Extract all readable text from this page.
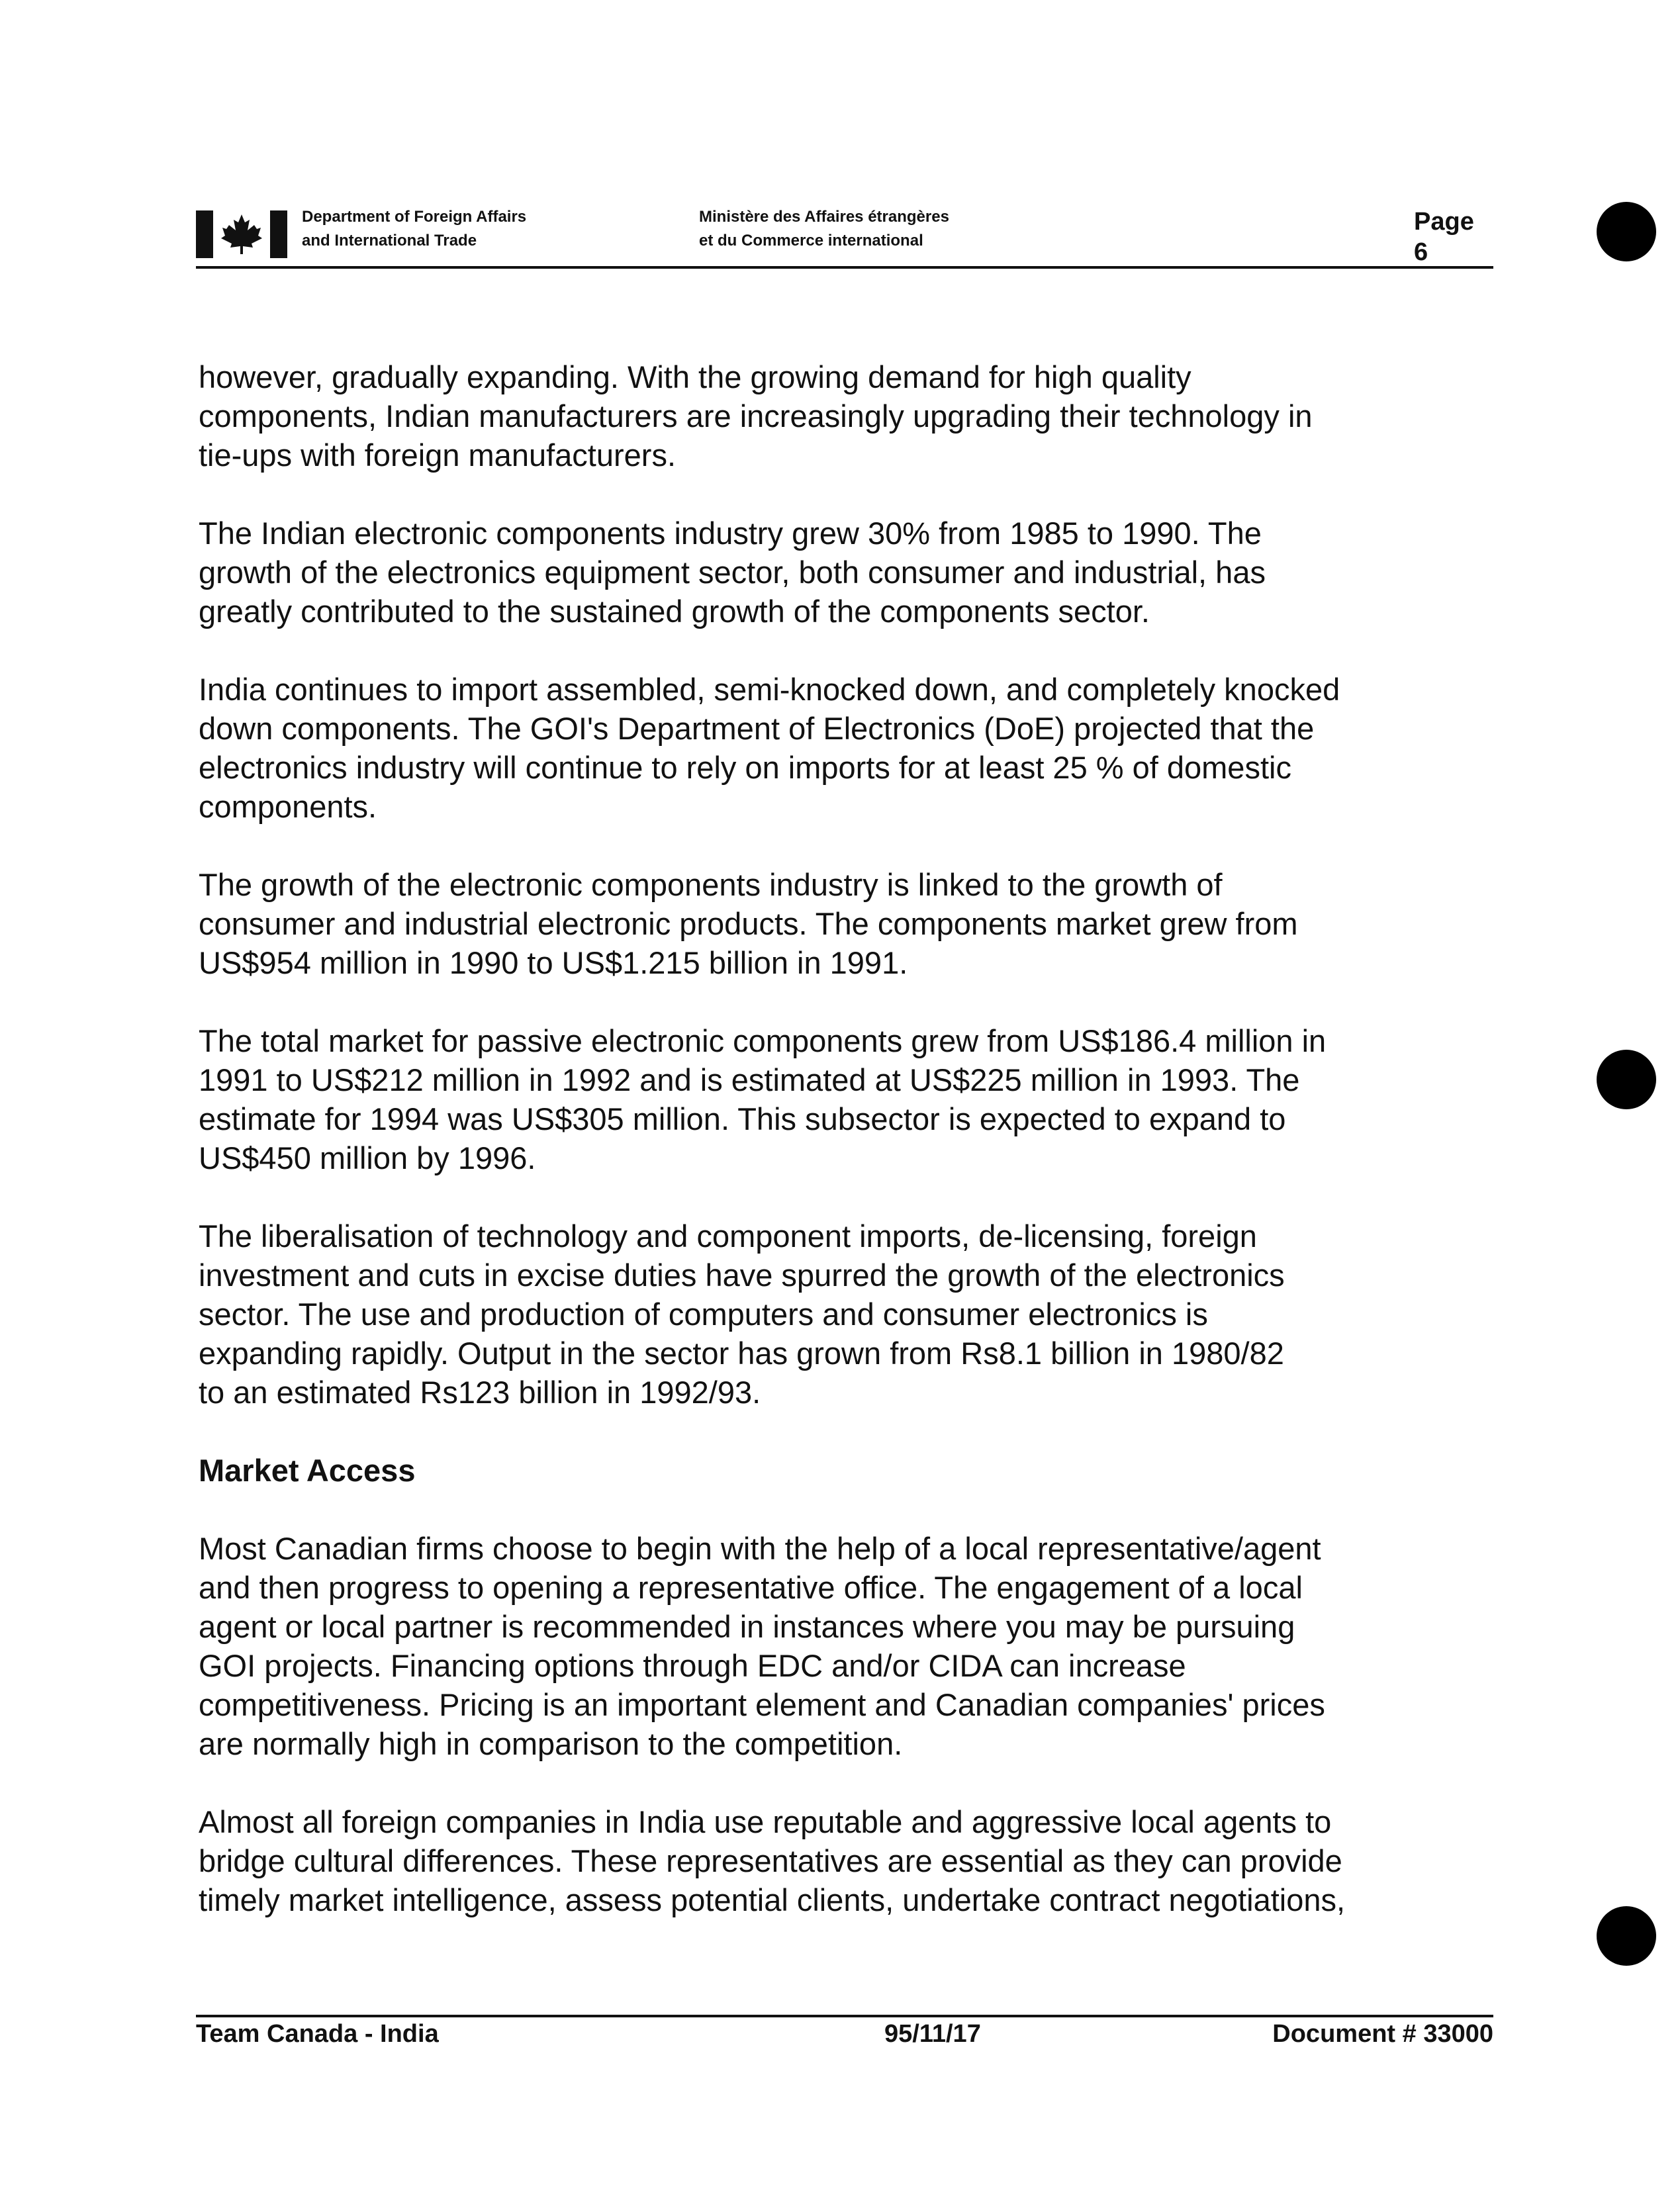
Department of Foreign Affairs
and International Trade
Ministère des Affaires étrangères
et du Commerce international
Page 6
however, gradually expanding. With the growing demand for high quality
components, Indian manufacturers are increasingly upgrading their technology in
tie-ups with foreign manufacturers.
The Indian electronic components industry grew 30% from 1985 to 1990. The
growth of the electronics equipment sector, both consumer and industrial, has
greatly contributed to the sustained growth of the components sector.
India continues to import assembled, semi-knocked down, and completely knocked
down components. The GOI's Department of Electronics (DoE) projected that the
electronics industry will continue to rely on imports for at least 25 % of domestic
components.
The growth of the electronic components industry is linked to the growth of
consumer and industrial electronic products. The components market grew from
US$954 million in 1990 to US$1.215 billion in 1991.
The total market for passive electronic components grew from US$186.4 million in
1991 to US$212 million in 1992 and is estimated at US$225 million in 1993. The
estimate for 1994 was US$305 million. This subsector is expected to expand to
US$450 million by 1996.
The liberalisation of technology and component imports, de-licensing, foreign
investment and cuts in excise duties have spurred the growth of the electronics
sector. The use and production of computers and consumer electronics is
expanding rapidly. Output in the sector has grown from Rs8.1 billion in 1980/82
to an estimated Rs123 billion in 1992/93.
Market Access
Most Canadian firms choose to begin with the help of a local representative/agent
and then progress to opening a representative office. The engagement of a local
agent or local partner is recommended in instances where you may be pursuing
GOI projects. Financing options through EDC and/or CIDA can increase
competitiveness. Pricing is an important element and Canadian companies' prices
are normally high in comparison to the competition.
Almost all foreign companies in India use reputable and aggressive local agents to
bridge cultural differences. These representatives are essential as they can provide
timely market intelligence, assess potential clients, undertake contract negotiations,
Team Canada - India	95/11/17	Document # 33000
